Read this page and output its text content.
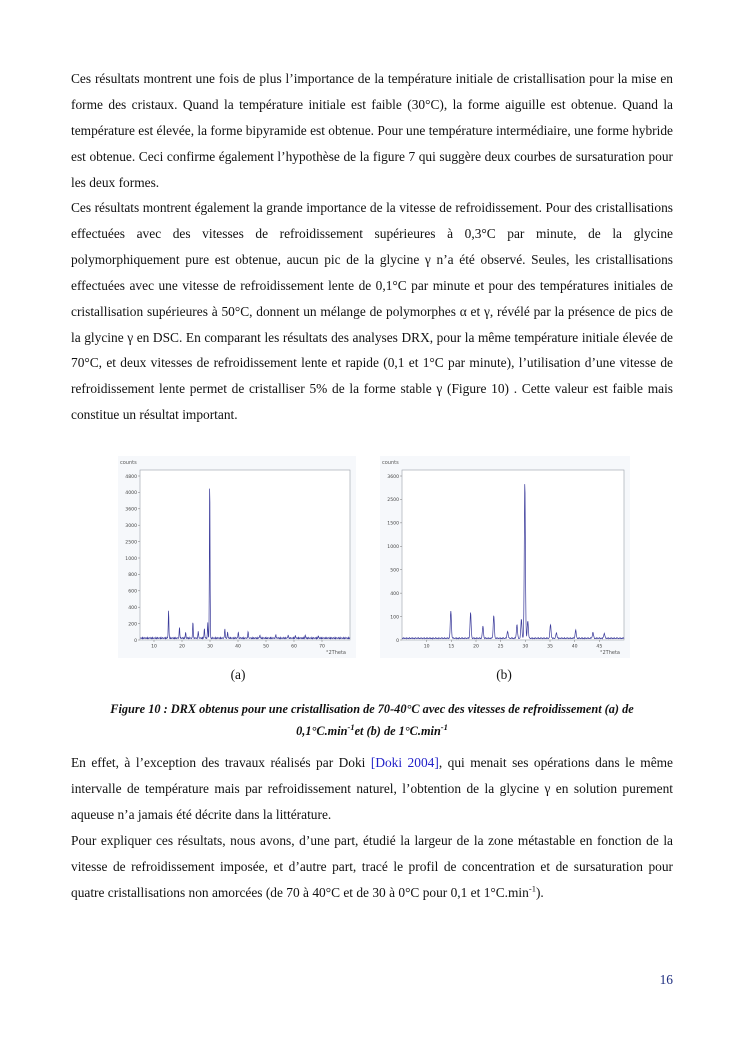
Ces résultats montrent une fois de plus l’importance de la température initiale de cristallisation pour la mise en forme des cristaux. Quand la température initiale est faible (30°C), la forme aiguille est obtenue. Quand la température est élevée, la forme bipyramide est obtenue. Pour une température intermédiaire, une forme hybride est obtenue. Ceci confirme également l’hypothèse de la figure 7 qui suggère deux courbes de sursaturation pour les deux formes.

Ces résultats montrent également la grande importance de la vitesse de refroidissement. Pour des cristallisations effectuées avec des vitesses de refroidissement supérieures à 0,3°C par minute, de la glycine polymorphiquement pure est obtenue, aucun pic de la glycine γ n’a été observé. Seules, les cristallisations effectuées avec une vitesse de refroidissement lente de 0,1°C par minute et pour des températures initiales de cristallisation supérieures à 50°C, donnent un mélange de polymorphes α et γ, révélé par la présence de pics de la glycine γ en DSC. En comparant les résultats des analyses DRX, pour la même température initiale élevée de 70°C, et deux vitesses de refroidissement lente et rapide (0,1 et 1°C par minute), l’utilisation d’une vitesse de refroidissement lente permet de cristalliser 5% de la forme stable γ (Figure 10) . Cette valeur est faible mais constitue un résultat important.

counts
°2Theta
0
200
400
600
800
1000
2500
3000
3600
4000
4800
10	20	30	40	50	60	70
counts
°2Theta
0
100
400
500
1000
1500
2500
3600
10	15	20	25	30	35	40	45
(a)	(b)
Figure 10 : DRX obtenus pour une cristallisation de 70-40°C avec des vitesses de refroidissement (a) de
$0,1^\circ C.\min^{-1}et$ (b) de $1^\circ C.\min^{-1}$

En effet, à l’exception des travaux réalisés par Doki [Doki 2004], qui menait ses opérations dans le même intervalle de température mais par refroidissement naturel, l’obtention de la glycine γ en solution purement aqueuse n’a jamais été décrite dans la littérature.

Pour expliquer ces résultats, nous avons, d’une part, étudié la largeur de la zone métastable en fonction de la vitesse de refroidissement imposée, et d’autre part, tracé le profil de concentration et de sursaturation pour quatre cristallisations non amorcées (de 70 à 40°C et de 30 à 0°C pour 0,1 et $1^\circ C.\min^{-1}$).

16
